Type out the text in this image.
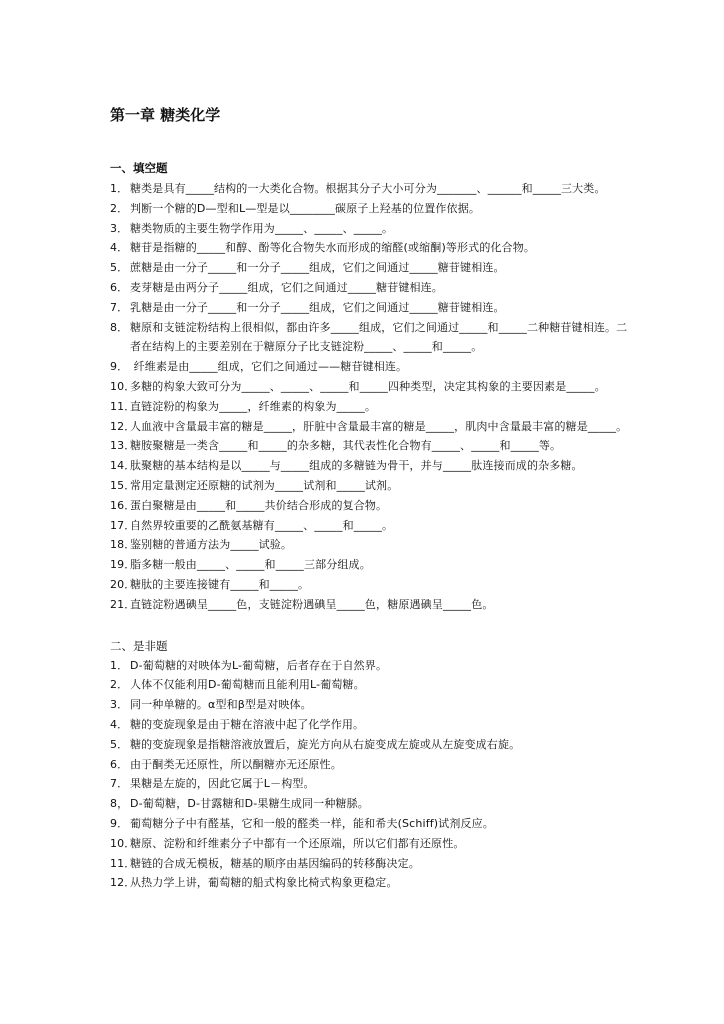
第一章 糖类化学
一、填空题
1． 糖类是具有_____结构的一大类化合物。根据其分子大小可分为_______、______和_____三大类。
2． 判断一个糖的D—型和L—型是以________碳原子上羟基的位置作依据。
3． 糖类物质的主要生物学作用为_____、_____、_____。
4． 糖苷是指糖的_____和醇、酚等化合物失水而形成的缩醛(或缩酮)等形式的化合物。
5． 蔗糖是由一分子_____和一分子_____组成，它们之间通过_____糖苷键相连。
6． 麦芽糖是由两分子_____组成，它们之间通过_____糖苷键相连。
7． 乳糖是由一分子_____和一分子_____组成，它们之间通过_____糖苷键相连。
8． 糖原和支链淀粉结构上很相似，都由许多_____组成，它们之间通过_____和_____二种糖苷键相连。二者在结构上的主要差别在于糖原分子比支链淀粉_____、_____和_____。
9． 纤维素是由_____组成，它们之间通过——糖苷键相连。
10．多糖的构象大致可分为_____、_____、_____和_____四种类型，决定其构象的主要因素是_____。
11．直链淀粉的构象为_____，纤维素的构象为_____。
12．人血液中含量最丰富的糖是_____，肝脏中含量最丰富的糖是_____，肌肉中含量最丰富的糖是_____。
13．糖胺聚糖是一类含_____和_____的杂多糖，其代表性化合物有_____、_____和_____等。
14．肽聚糖的基本结构是以_____与_____组成的多糖链为骨干，并与_____肽连接而成的杂多糖。
15．常用定量测定还原糖的试剂为_____试剂和_____试剂。
16．蛋白聚糖是由_____和_____共价结合形成的复合物。
17．自然界较重要的乙酰氨基糖有_____、_____和_____。
18．鉴别糖的普通方法为_____试验。
19．脂多糖一般由_____、_____和_____三部分组成。
20．糖肽的主要连接键有_____和_____。
21．直链淀粉遇碘呈_____色，支链淀粉遇碘呈_____色，糖原遇碘呈_____色。
二、是非题
1． D-葡萄糖的对映体为L-葡萄糖，后者存在于自然界。
2． 人体不仅能利用D-葡萄糖而且能利用L-葡萄糖。
3． 同一种单糖的。α型和β型是对映体。
4． 糖的变旋现象是由于糖在溶液中起了化学作用。
5． 糖的变旋现象是指糖溶液放置后，旋光方向从右旋变成左旋或从左旋变成右旋。
6． 由于酮类无还原性，所以酮糖亦无还原性。
7． 果糖是左旋的，因此它属于L－构型。
8， D-葡萄糖，D-甘露糖和D-果糖生成同一种糖脎。
9． 葡萄糖分子中有醛基，它和一般的醛类一样，能和希夫(Schiff)试剂反应。
10．糖原、淀粉和纤维素分子中都有一个还原端，所以它们都有还原性。
11．糖链的合成无模板，糖基的顺序由基因编码的转移酶决定。
12．从热力学上讲，葡萄糖的船式构象比椅式构象更稳定。
